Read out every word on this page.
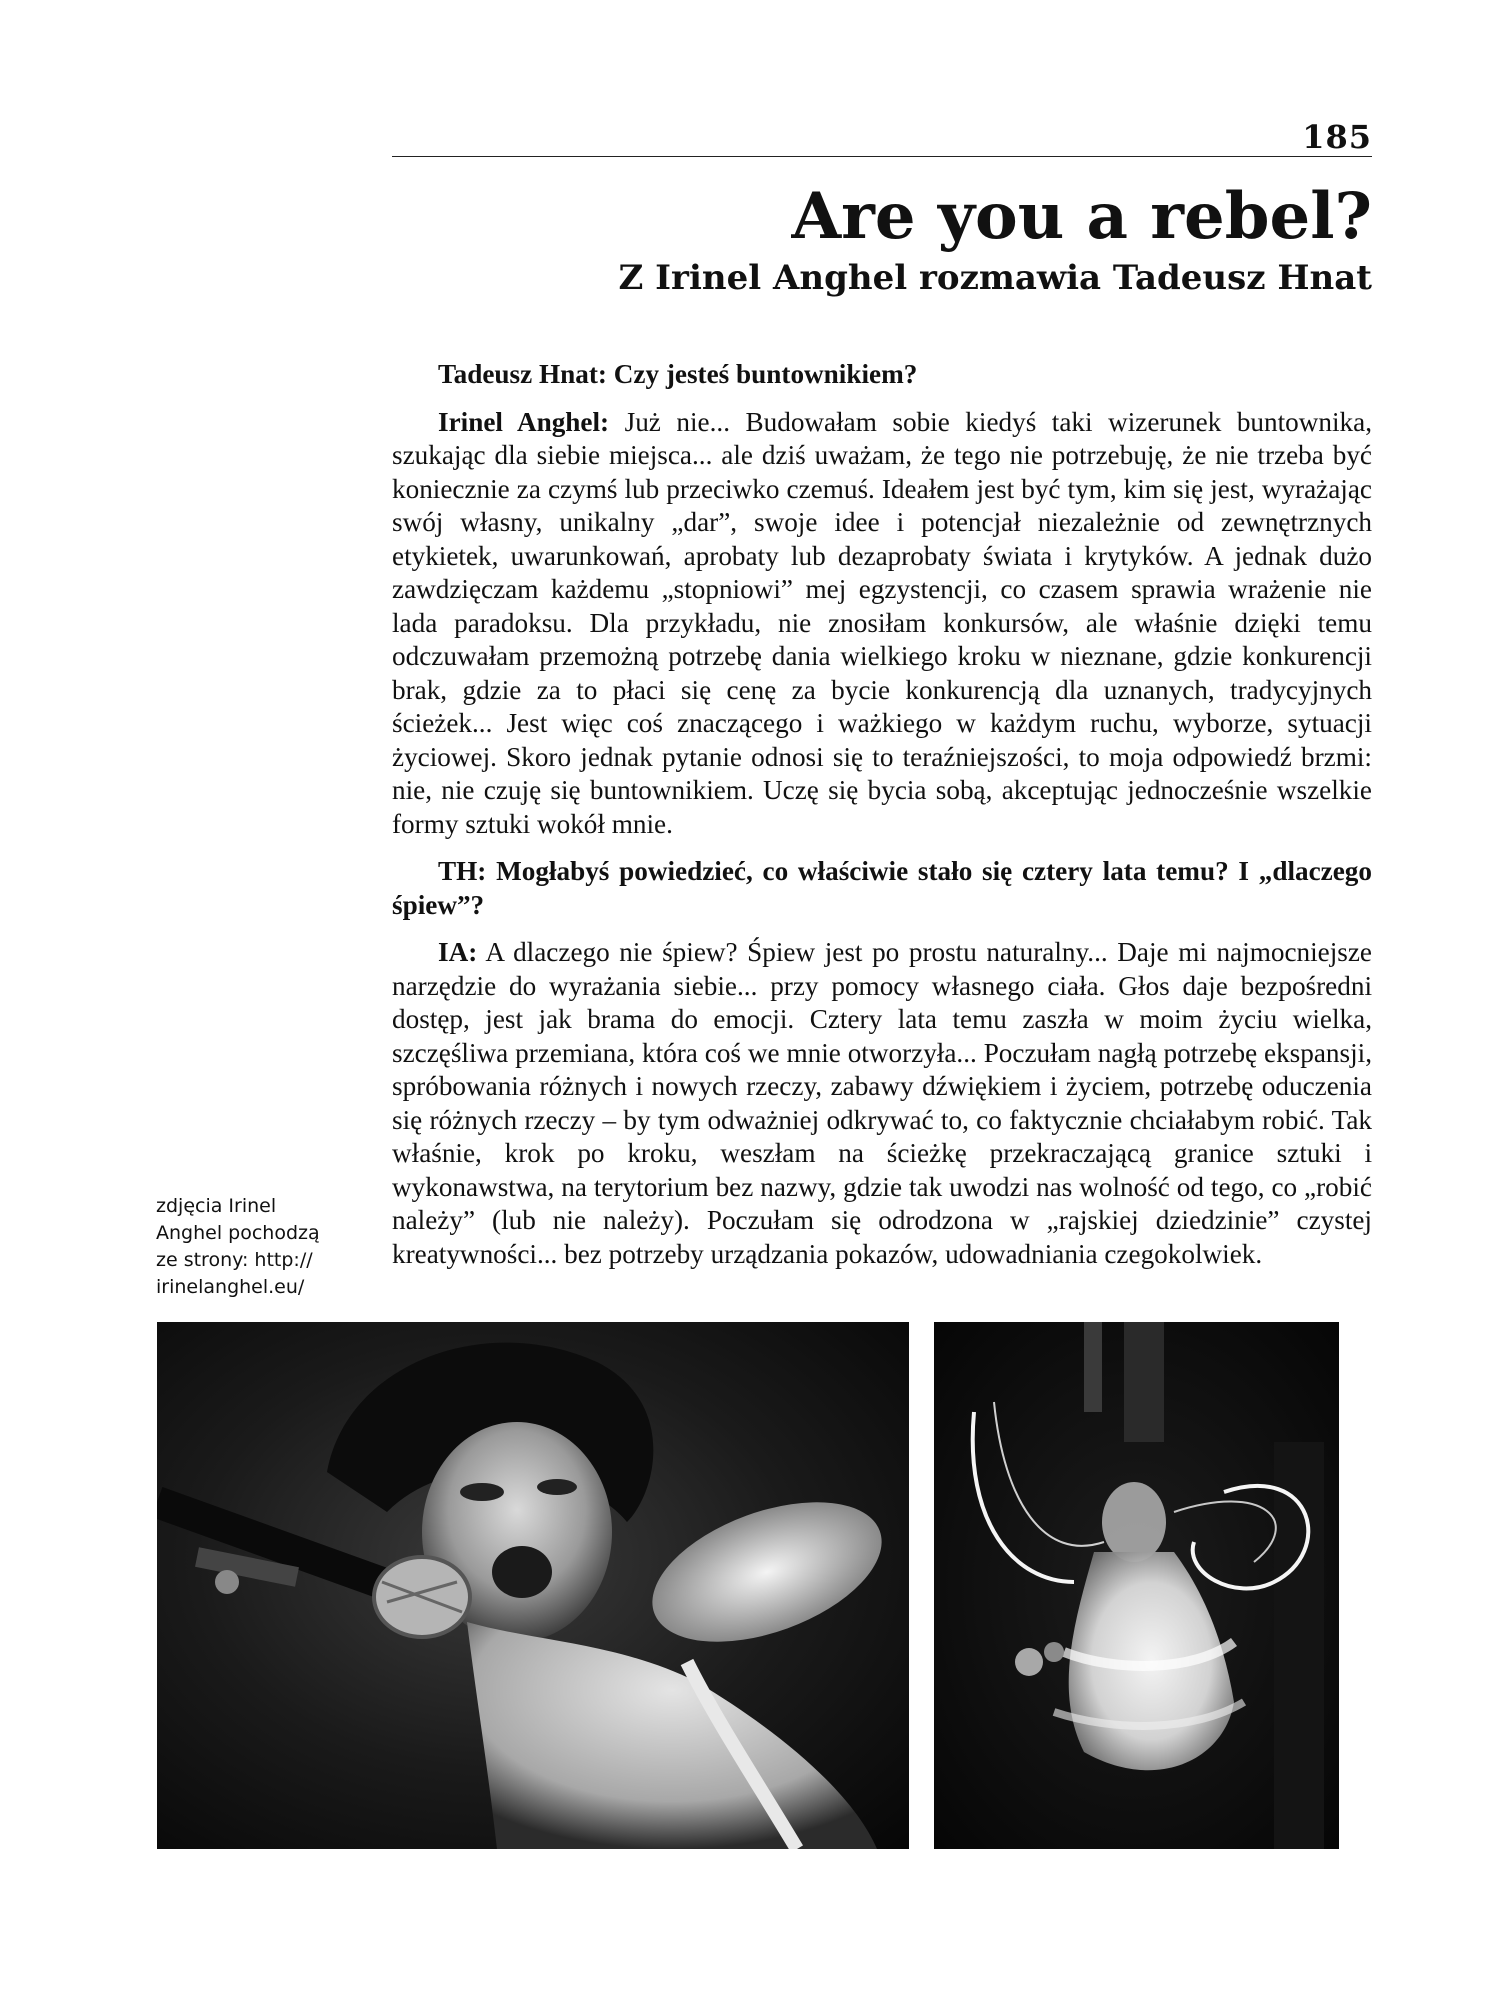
185
Are you a rebel?
Z Irinel Anghel rozmawia Tadeusz Hnat

Tadeusz Hnat: Czy jesteś buntownikiem?

Irinel Anghel: Już nie... Budowałam sobie kiedyś taki wizerunek buntownika, szukając dla siebie miejsca... ale dziś uważam, że tego nie potrzebuję, że nie trzeba być koniecznie za czymś lub przeciwko czemuś. Ideałem jest być tym, kim się jest, wyrażając swój własny, unikalny „dar”, swoje idee i potencjał niezależnie od zewnętrznych etykietek, uwarunkowań, aprobaty lub dezaprobaty świata i krytyków. A jednak dużo zawdzięczam każdemu „stopniowi” mej egzystencji, co czasem sprawia wrażenie nie lada paradoksu. Dla przykładu, nie znosiłam konkursów, ale właśnie dzięki temu odczuwałam przemożną potrzebę dania wielkiego kroku w nieznane, gdzie konkurencji brak, gdzie za to płaci się cenę za bycie konkurencją dla uznanych, tradycyjnych ścieżek... Jest więc coś znaczącego i ważkiego w każdym ruchu, wyborze, sytuacji życiowej. Skoro jednak pytanie odnosi się to teraźniejszości, to moja odpowiedź brzmi: nie, nie czuję się buntownikiem. Uczę się bycia sobą, akceptując jednocześnie wszelkie formy sztuki wokół mnie.

TH: Mogłabyś powiedzieć, co właściwie stało się cztery lata temu? I „dlaczego śpiew”?

IA: A dlaczego nie śpiew? Śpiew jest po prostu naturalny... Daje mi najmocniejsze narzędzie do wyrażania siebie... przy pomocy własnego ciała. Głos daje bezpośredni dostęp, jest jak brama do emocji. Cztery lata temu zaszła w moim życiu wielka, szczęśliwa przemiana, która coś we mnie otworzyła... Poczułam nagłą potrzebę ekspansji, spróbowania różnych i nowych rzeczy, zabawy dźwiękiem i życiem, potrzebę oduczenia się różnych rzeczy – by tym odważniej odkrywać to, co faktycznie chciałabym robić. Tak właśnie, krok po kroku, weszłam na ścieżkę przekraczającą granice sztuki i wykonawstwa, na terytorium bez nazwy, gdzie tak uwodzi nas wolność od tego, co „robić należy” (lub nie należy). Poczułam się odrodzona w „rajskiej dziedzinie” czystej kreatywności... bez potrzeby urządzania pokazów, udowadniania czegokolwiek.

zdjęcia Irinel
Anghel pochodzą
ze strony: http://
irinelanghel.eu/
